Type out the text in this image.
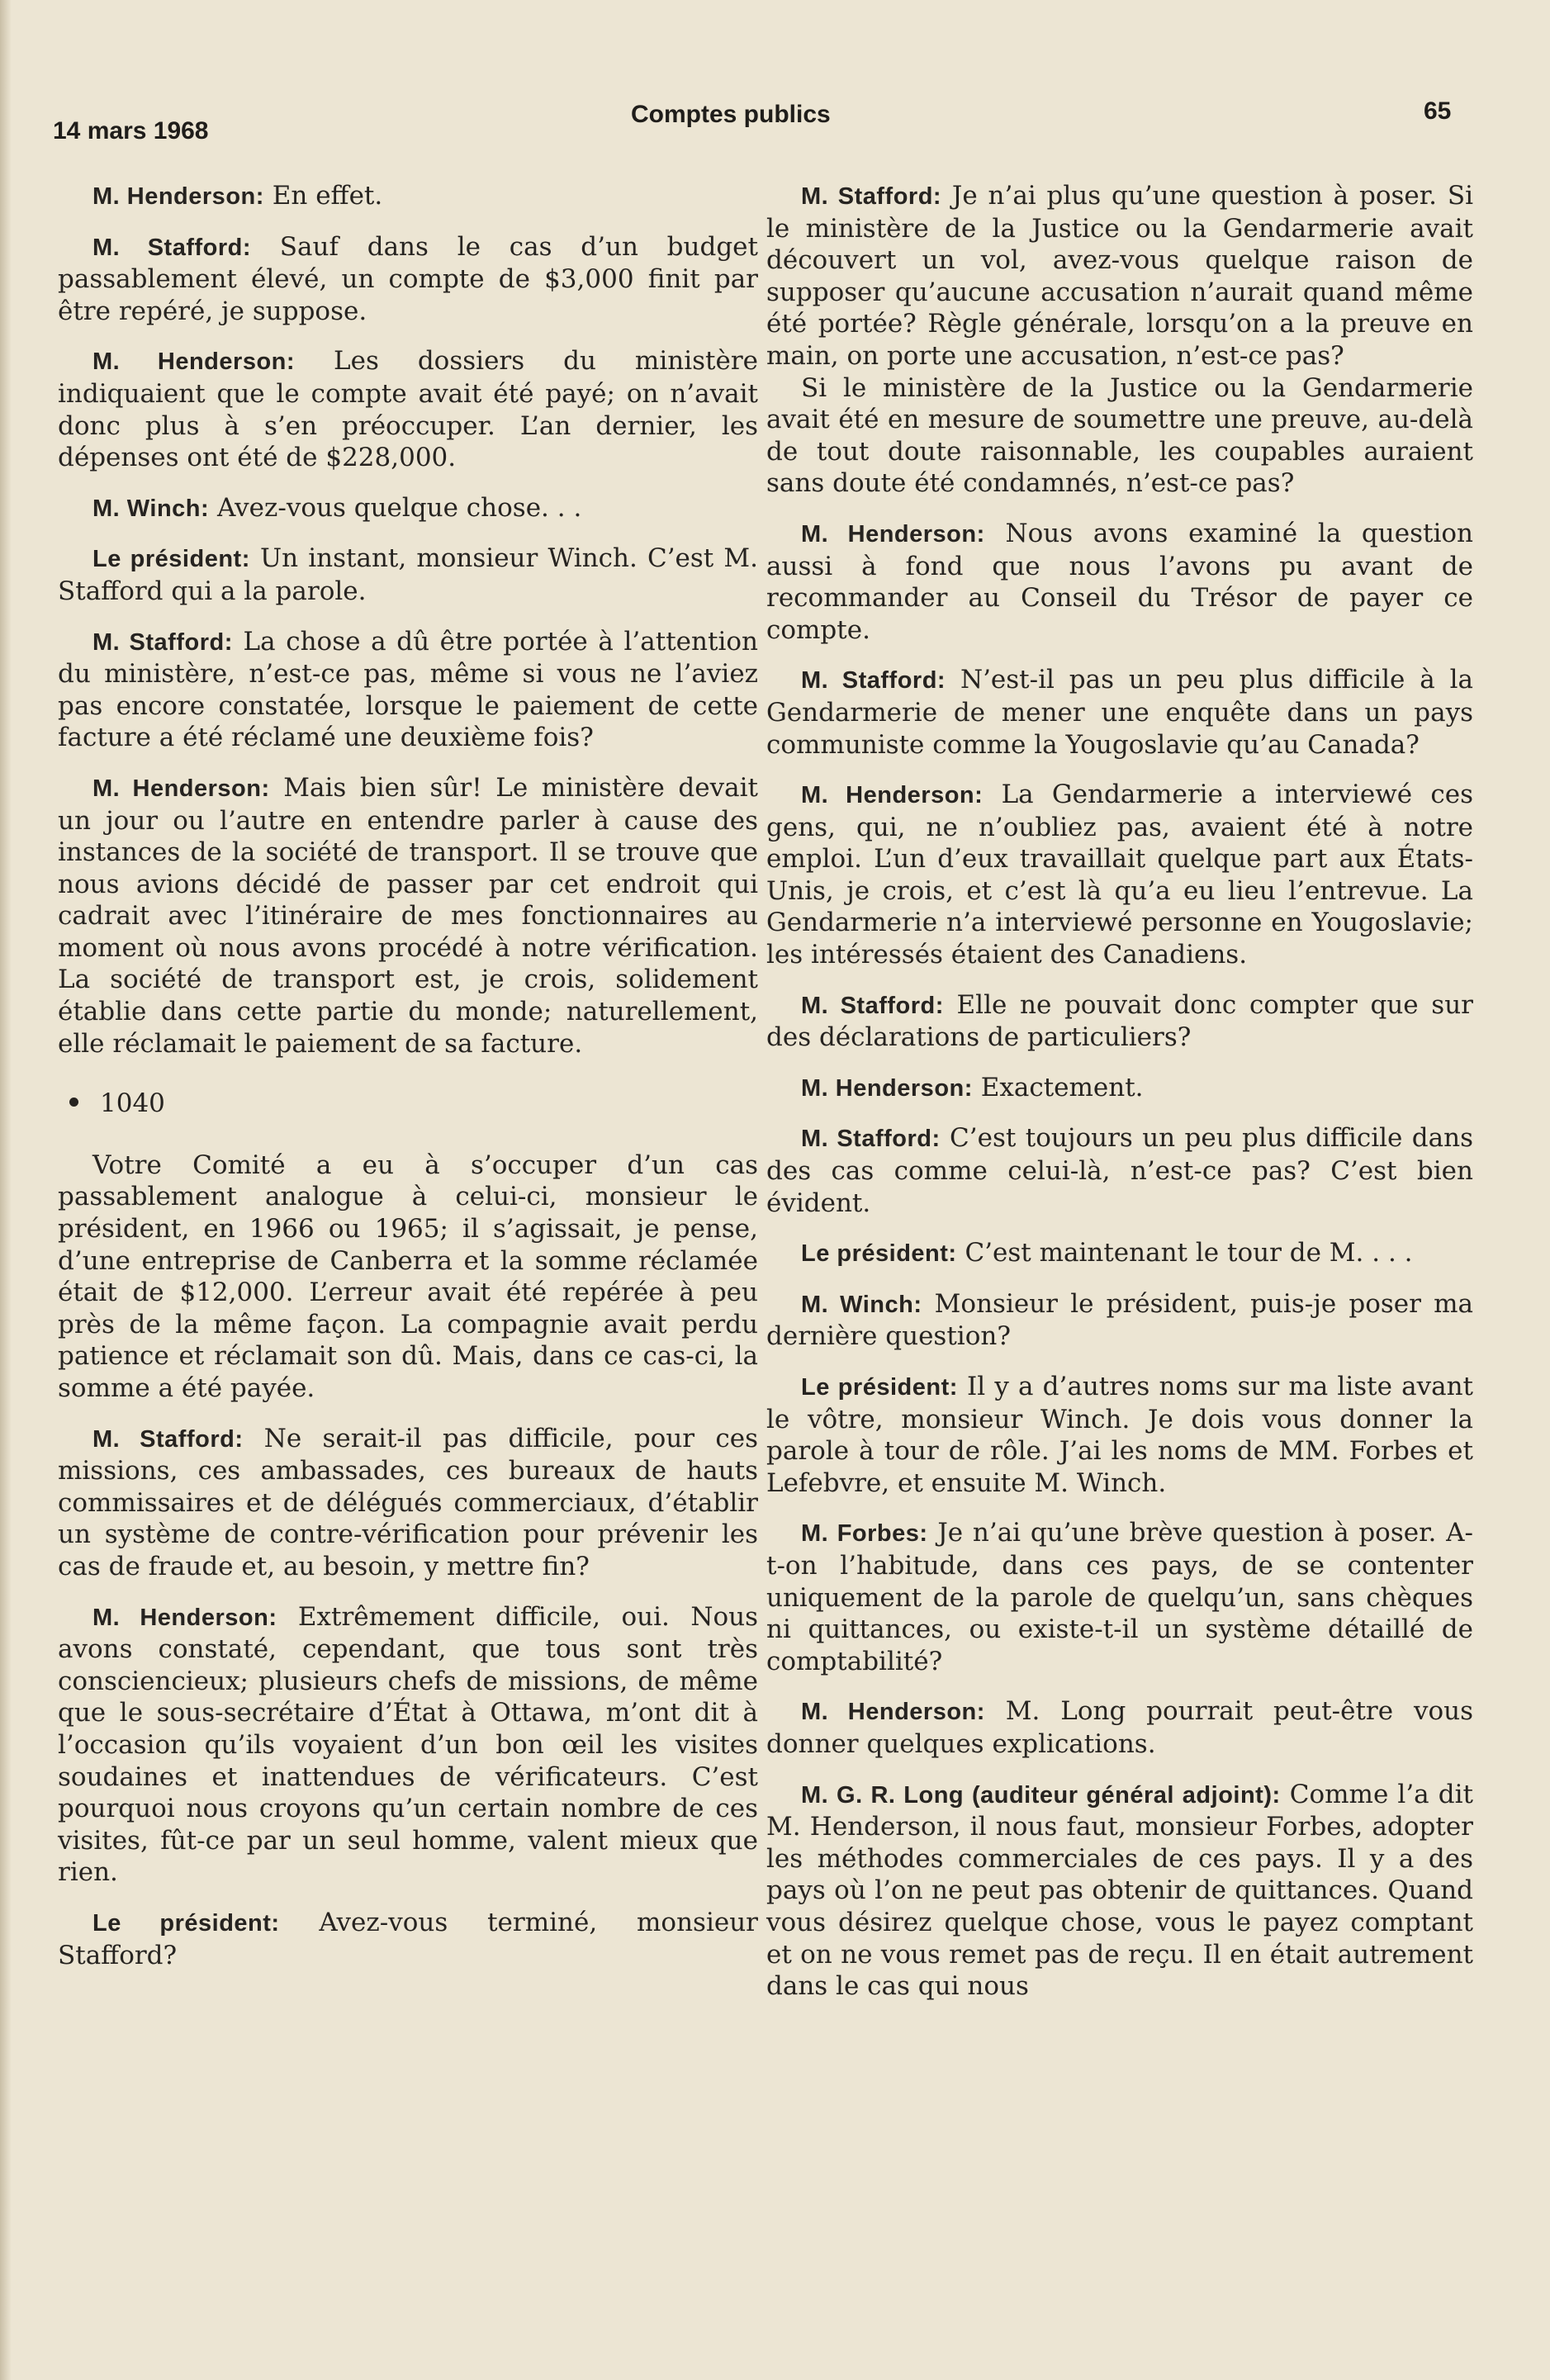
14 mars 1968
Comptes publics	65

M. Henderson: En effet.

M. Stafford: Sauf dans le cas d’un budget passablement élevé, un compte de $3,000 finit par être repéré, je suppose.

M. Henderson: Les dossiers du ministère indiquaient que le compte avait été payé; on n’avait donc plus à s’en préoccuper. L’an dernier, les dépenses ont été de $228,000.

M. Winch: Avez-vous quelque chose. . .

Le président: Un instant, monsieur Winch. C’est M. Stafford qui a la parole.

M. Stafford: La chose a dû être portée à l’attention du ministère, n’est-ce pas, même si vous ne l’aviez pas encore constatée, lorsque le paiement de cette facture a été réclamé une deuxième fois?

M. Henderson: Mais bien sûr! Le ministère devait un jour ou l’autre en entendre parler à cause des instances de la société de transport. Il se trouve que nous avions décidé de passer par cet endroit qui cadrait avec l’itinéraire de mes fonctionnaires au moment où nous avons procédé à notre vérification. La société de transport est, je crois, solidement établie dans cette partie du monde; naturellement, elle réclamait le paiement de sa facture.

1040

Votre Comité a eu à s’occuper d’un cas passablement analogue à celui-ci, monsieur le président, en 1966 ou 1965; il s’agissait, je pense, d’une entreprise de Canberra et la somme réclamée était de $12,000. L’erreur avait été repérée à peu près de la même façon. La compagnie avait perdu patience et réclamait son dû. Mais, dans ce cas-ci, la somme a été payée.

M. Stafford: Ne serait-il pas difficile, pour ces missions, ces ambassades, ces bureaux de hauts commissaires et de délégués commerciaux, d’établir un système de contre-vérification pour prévenir les cas de fraude et, au besoin, y mettre fin?

M. Henderson: Extrêmement difficile, oui. Nous avons constaté, cependant, que tous sont très consciencieux; plusieurs chefs de missions, de même que le sous-secrétaire d’État à Ottawa, m’ont dit à l’occasion qu’ils voyaient d’un bon œil les visites soudaines et inattendues de vérificateurs. C’est pourquoi nous croyons qu’un certain nombre de ces visites, fût-ce par un seul homme, valent mieux que rien.

Le président: Avez-vous terminé, monsieur Stafford?

M. Stafford: Je n’ai plus qu’une question à poser. Si le ministère de la Justice ou la Gendarmerie avait découvert un vol, avez-vous quelque raison de supposer qu’aucune accusation n’aurait quand même été portée? Règle générale, lorsqu’on a la preuve en main, on porte une accusation, n’est-ce pas?

Si le ministère de la Justice ou la Gendarmerie avait été en mesure de soumettre une preuve, au-delà de tout doute raisonnable, les coupables auraient sans doute été condamnés, n’est-ce pas?

M. Henderson: Nous avons examiné la question aussi à fond que nous l’avons pu avant de recommander au Conseil du Trésor de payer ce compte.

M. Stafford: N’est-il pas un peu plus difficile à la Gendarmerie de mener une enquête dans un pays communiste comme la Yougoslavie qu’au Canada?

M. Henderson: La Gendarmerie a interviewé ces gens, qui, ne n’oubliez pas, avaient été à notre emploi. L’un d’eux travaillait quelque part aux États-Unis, je crois, et c’est là qu’a eu lieu l’entrevue. La Gendarmerie n’a interviewé personne en Yougoslavie; les intéressés étaient des Canadiens.

M. Stafford: Elle ne pouvait donc compter que sur des déclarations de particuliers?

M. Henderson: Exactement.

M. Stafford: C’est toujours un peu plus difficile dans des cas comme celui-là, n’est-ce pas? C’est bien évident.

Le président: C’est maintenant le tour de M. . . .

M. Winch: Monsieur le président, puis-je poser ma dernière question?

Le président: Il y a d’autres noms sur ma liste avant le vôtre, monsieur Winch. Je dois vous donner la parole à tour de rôle. J’ai les noms de MM. Forbes et Lefebvre, et ensuite M. Winch.

M. Forbes: Je n’ai qu’une brève question à poser. A-t-on l’habitude, dans ces pays, de se contenter uniquement de la parole de quelqu’un, sans chèques ni quittances, ou existe-t-il un système détaillé de comptabilité?

M. Henderson: M. Long pourrait peut-être vous donner quelques explications.

M. G. R. Long (auditeur général adjoint): Comme l’a dit M. Henderson, il nous faut, monsieur Forbes, adopter les méthodes commerciales de ces pays. Il y a des pays où l’on ne peut pas obtenir de quittances. Quand vous désirez quelque chose, vous le payez comptant et on ne vous remet pas de reçu. Il en était autrement dans le cas qui nous
